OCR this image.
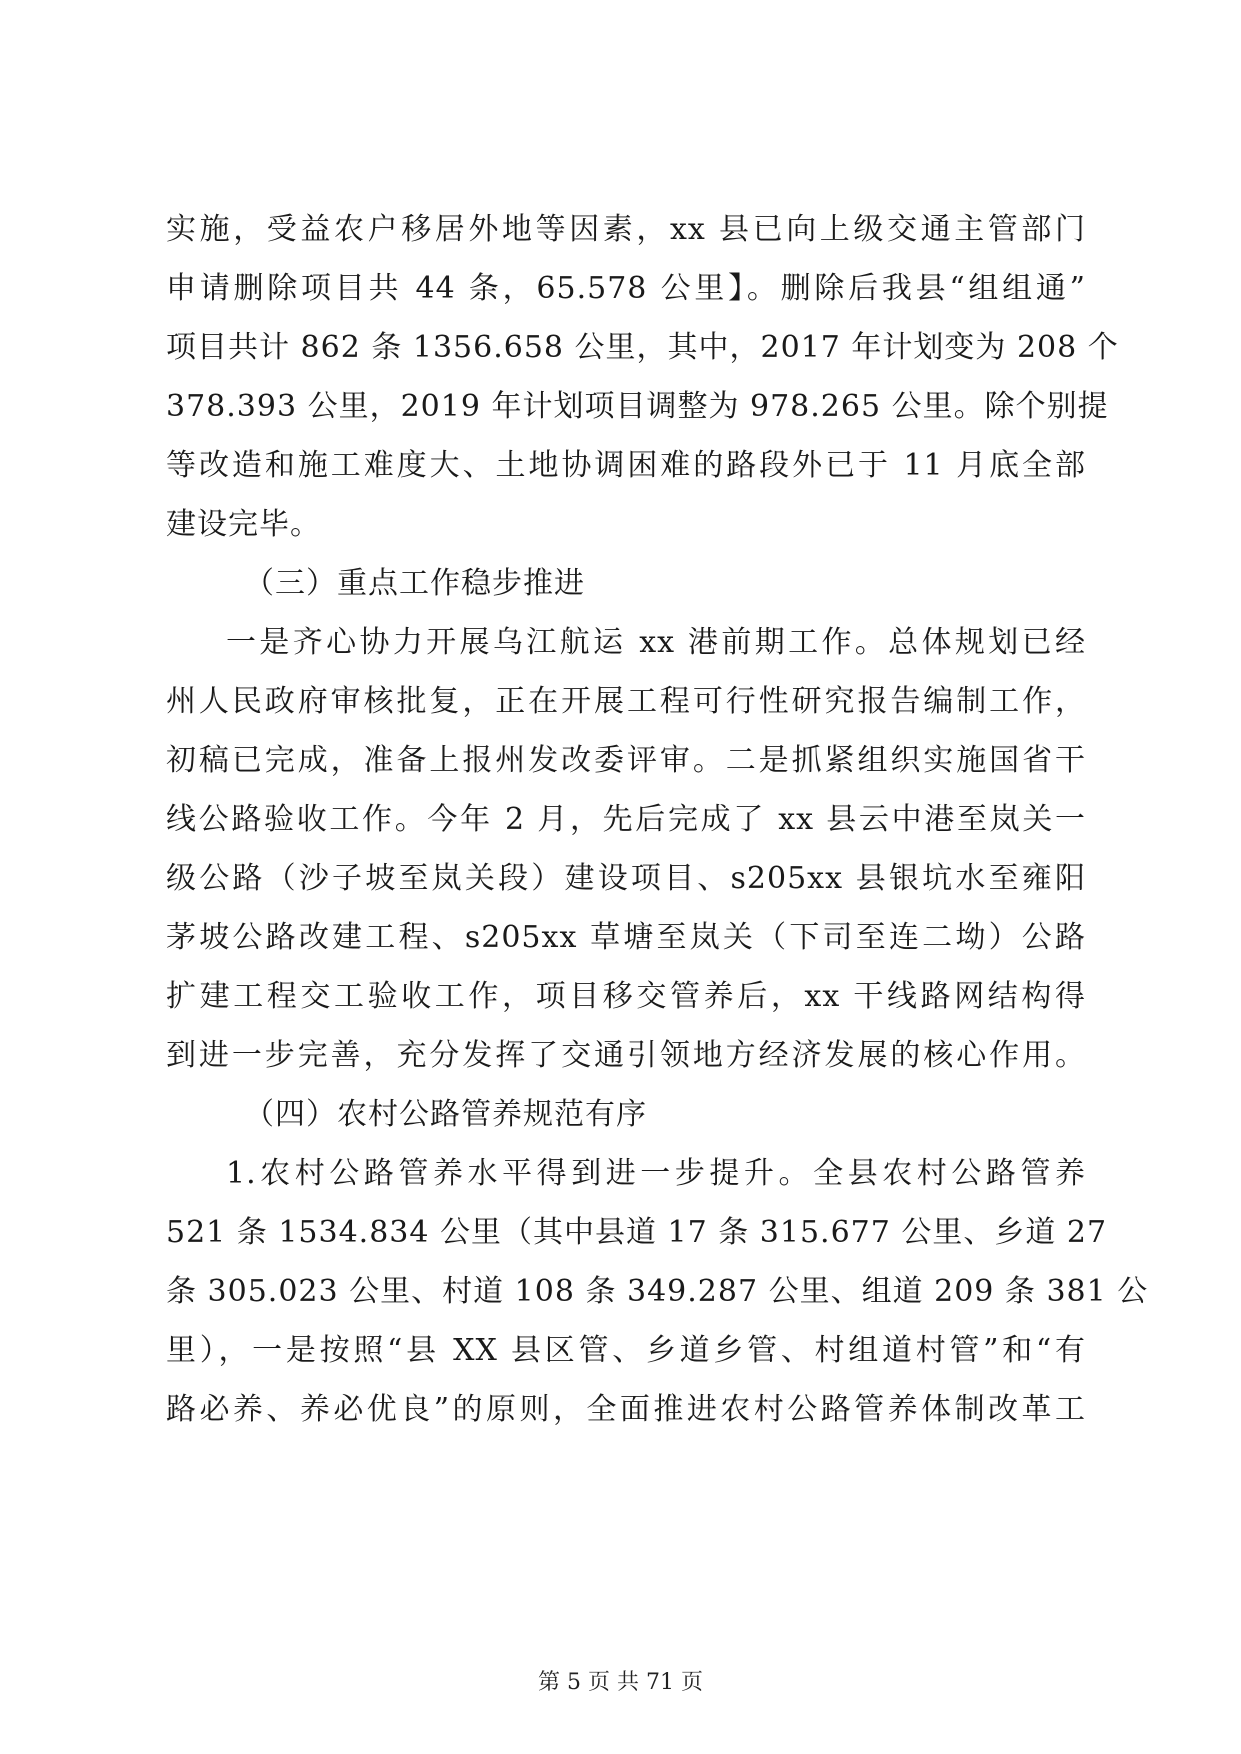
实施，受益农户移居外地等因素，xx 县已向上级交通主管部门
申请删除项目共 44 条，65.578 公里】。删除后我县“组组通”
项目共计 862 条 1356.658 公里，其中，2017 年计划变为 208 个
378.393 公里，2019 年计划项目调整为 978.265 公里。除个别提
等改造和施工难度大、土地协调困难的路段外已于 11 月底全部
建设完毕。
（三）重点工作稳步推进
一是齐心协力开展乌江航运 xx 港前期工作。总体规划已经
州人民政府审核批复，正在开展工程可行性研究报告编制工作，
初稿已完成，准备上报州发改委评审。二是抓紧组织实施国省干
线公路验收工作。今年 2 月，先后完成了 xx 县云中港至岚关一
级公路（沙子坡至岚关段）建设项目、s205xx 县银坑水至雍阳
茅坡公路改建工程、s205xx 草塘至岚关（下司至连二坳）公路
扩建工程交工验收工作，项目移交管养后，xx 干线路网结构得
到进一步完善，充分发挥了交通引领地方经济发展的核心作用。
（四）农村公路管养规范有序
1.农村公路管养水平得到进一步提升。全县农村公路管养
521 条 1534.834 公里（其中县道 17 条 315.677 公里、乡道 27
条 305.023 公里、村道 108 条 349.287 公里、组道 209 条 381 公
里），一是按照“县 XX 县区管、乡道乡管、村组道村管”和“有
路必养、养必优良”的原则，全面推进农村公路管养体制改革工
第 5 页 共 71 页
